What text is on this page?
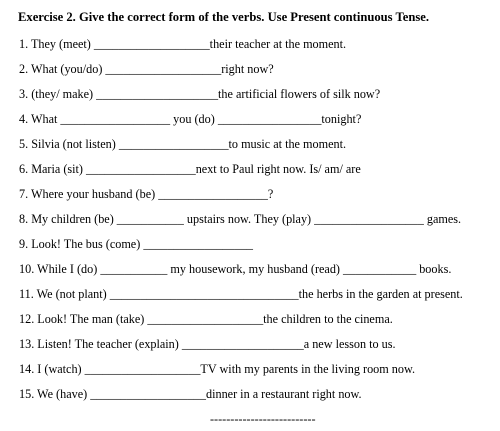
Exercise 2. Give the correct form of the verbs. Use Present continuous Tense.
1. They (meet) ___________________their teacher at the moment.
2. What (you/do) ___________________right now?
3. (they/ make) ____________________the artificial flowers of silk now?
4. What __________________ you (do) _________________tonight?
5. Silvia (not listen) __________________to music at the moment.
6. Maria (sit) __________________next to Paul right now. Is/ am/ are
7. Where your husband (be) __________________?
8. My children (be) ___________ upstairs now. They (play) __________________ games.
9. Look! The bus (come) __________________
10. While I (do) ___________ my housework, my husband (read) ____________ books.
11. We (not plant) _______________________________the herbs in the garden at present.
12. Look! The man (take) ___________________the children to the cinema.
13. Listen! The teacher (explain) ____________________a new lesson to us.
14. I (watch) ___________________TV with my parents in the living room now.
15. We (have) ___________________dinner in a restaurant right now.
--------------------------
